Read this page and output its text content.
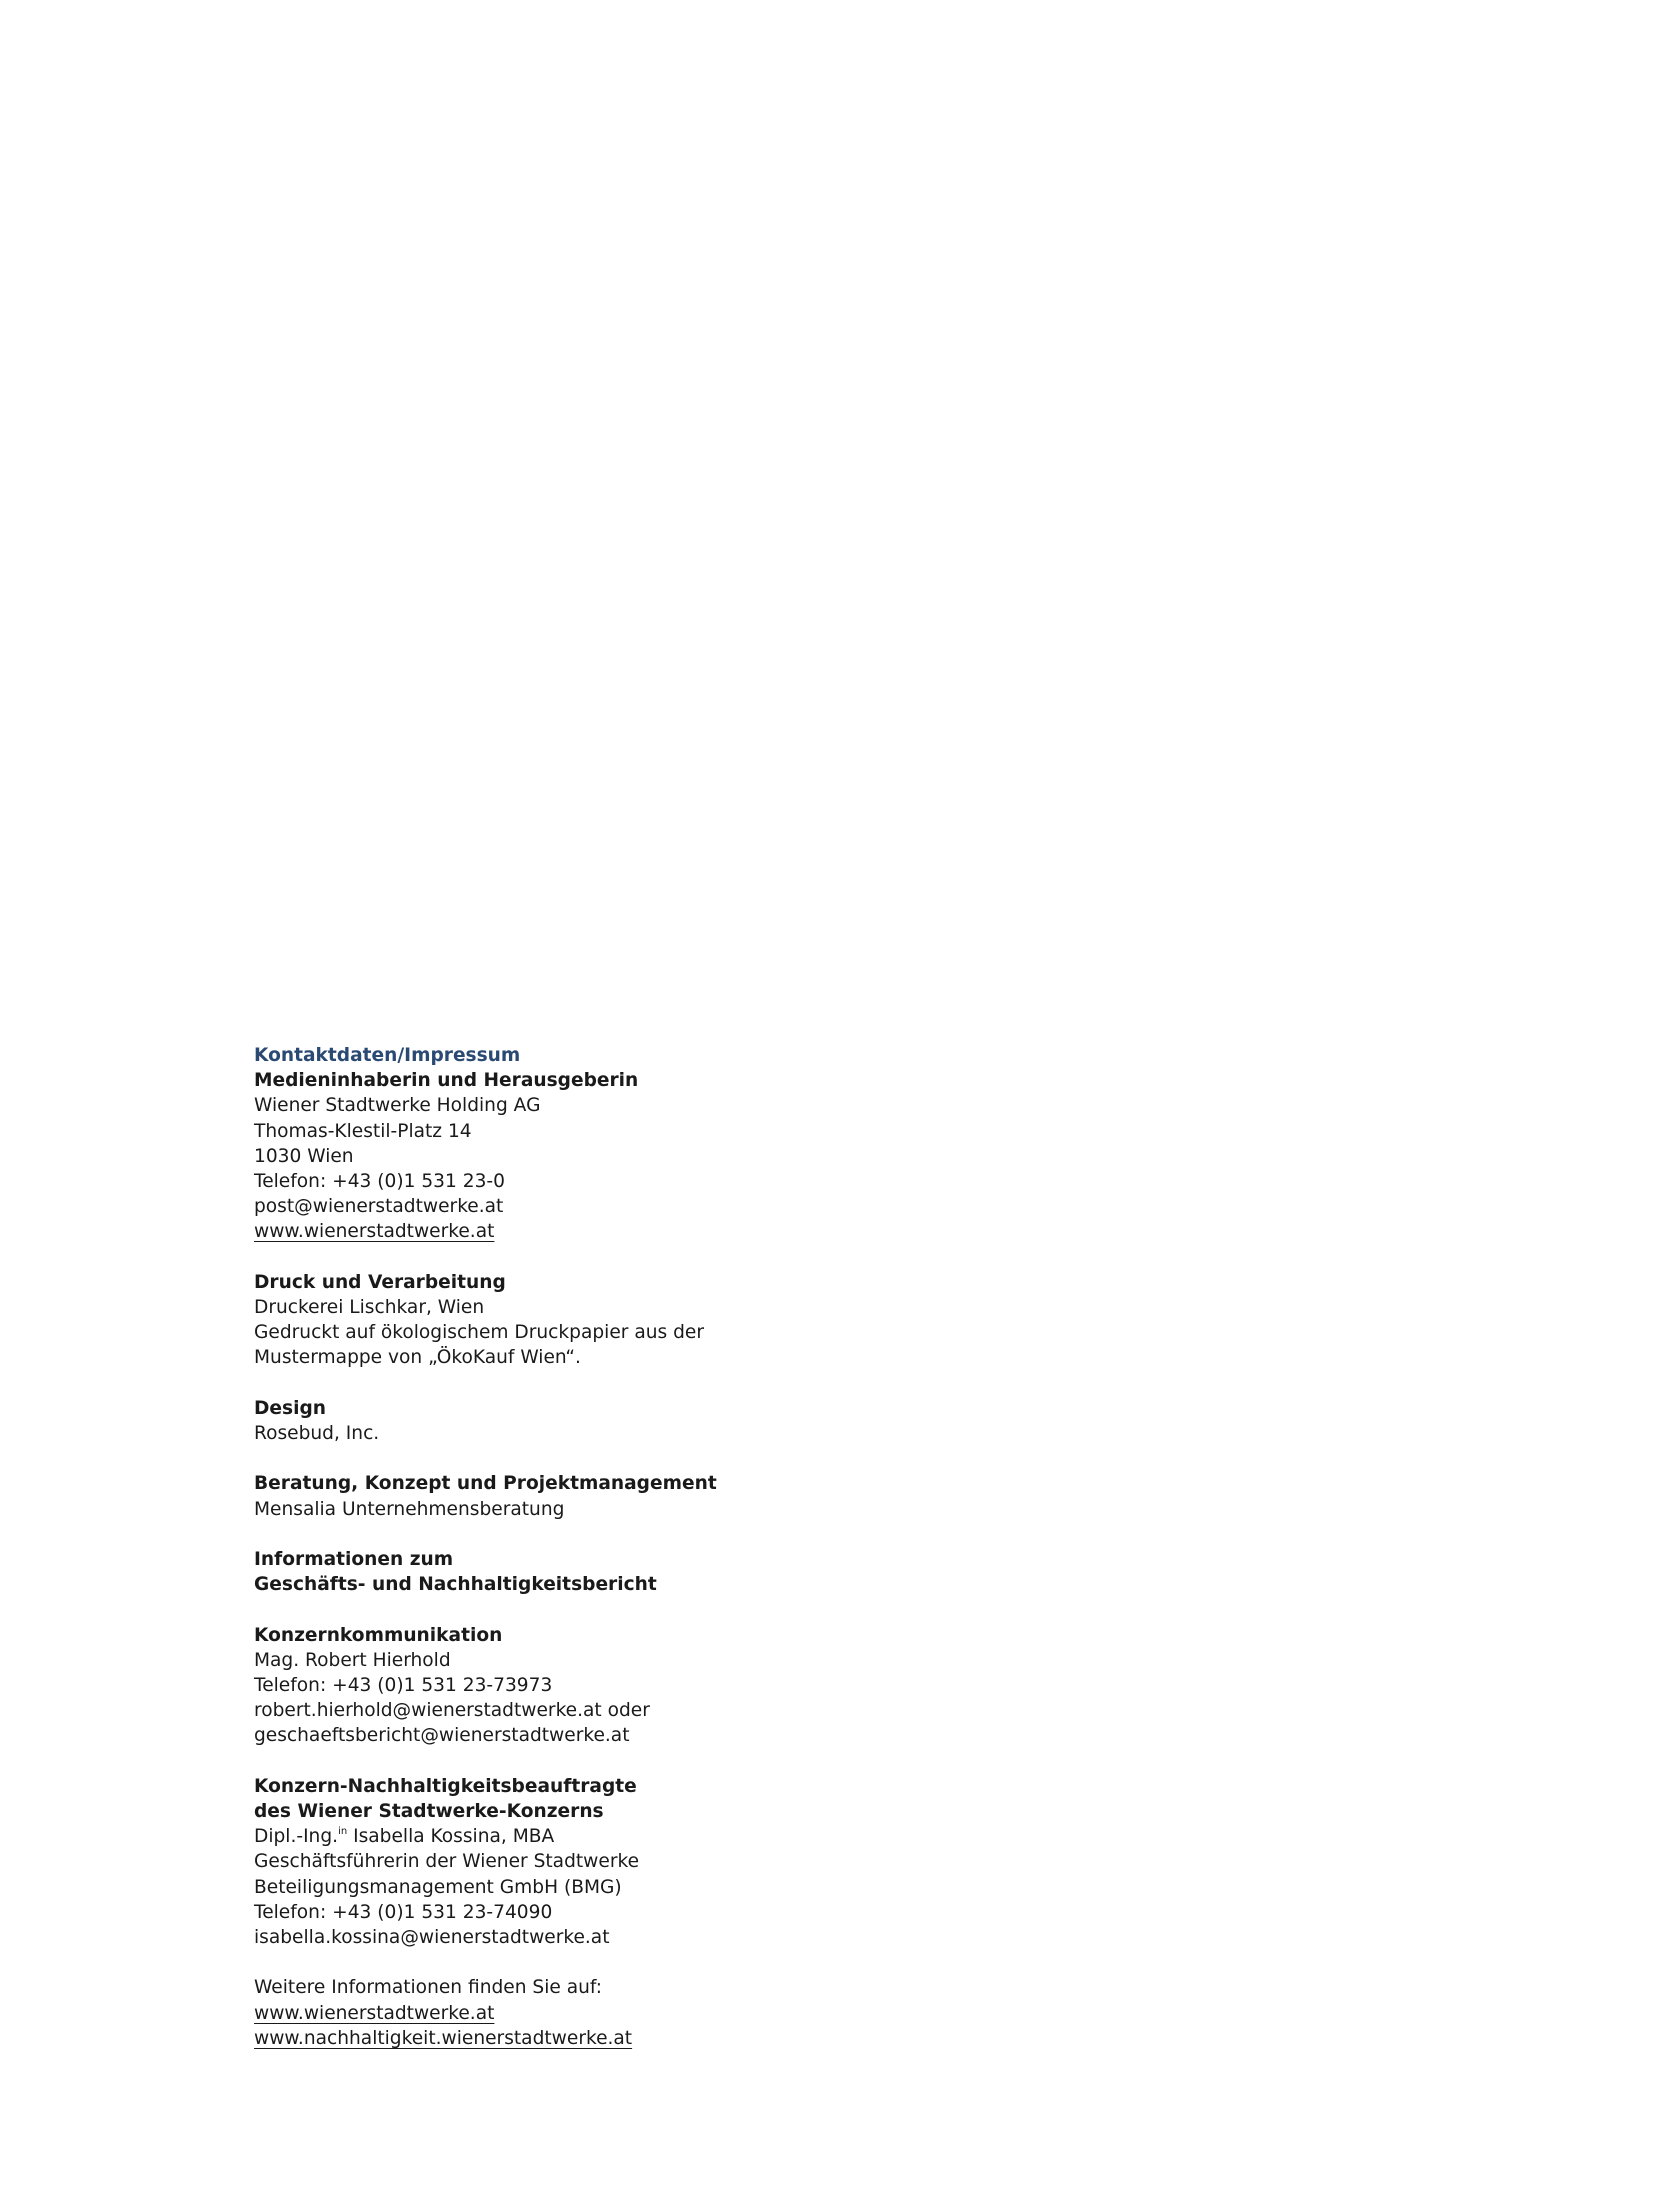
Kontaktdaten/Impressum

Medieninhaberin und Herausgeberin

Wiener Stadtwerke Holding AG

Thomas-Klestil-Platz 14

1030 Wien

Telefon: +43 (0)1 531 23-0

post@wienerstadtwerke.at

www.wienerstadtwerke.at

Druck und Verarbeitung

Druckerei Lischkar, Wien

Gedruckt auf ökologischem Druckpapier aus der

Mustermappe von „ÖkoKauf Wien“.

Design

Rosebud, Inc.

Beratung, Konzept und Projektmanagement

Mensalia Unternehmensberatung

Informationen zum

Geschäfts- und Nachhaltigkeitsbericht

Konzernkommunikation

Mag. Robert Hierhold

Telefon: +43 (0)1 531 23-73973

robert.hierhold@wienerstadtwerke.at oder

geschaeftsbericht@wienerstadtwerke.at

Konzern-Nachhaltigkeitsbeauftragte

des Wiener Stadtwerke-Konzerns

Dipl.-Ing.$^{in}$ Isabella Kossina, MBA

Geschäftsführerin der Wiener Stadtwerke

Beteiligungsmanagement GmbH (BMG)

Telefon: +43 (0)1 531 23-74090

isabella.kossina@wienerstadtwerke.at

Weitere Informationen finden Sie auf:

www.wienerstadtwerke.at

www.nachhaltigkeit.wienerstadtwerke.at
